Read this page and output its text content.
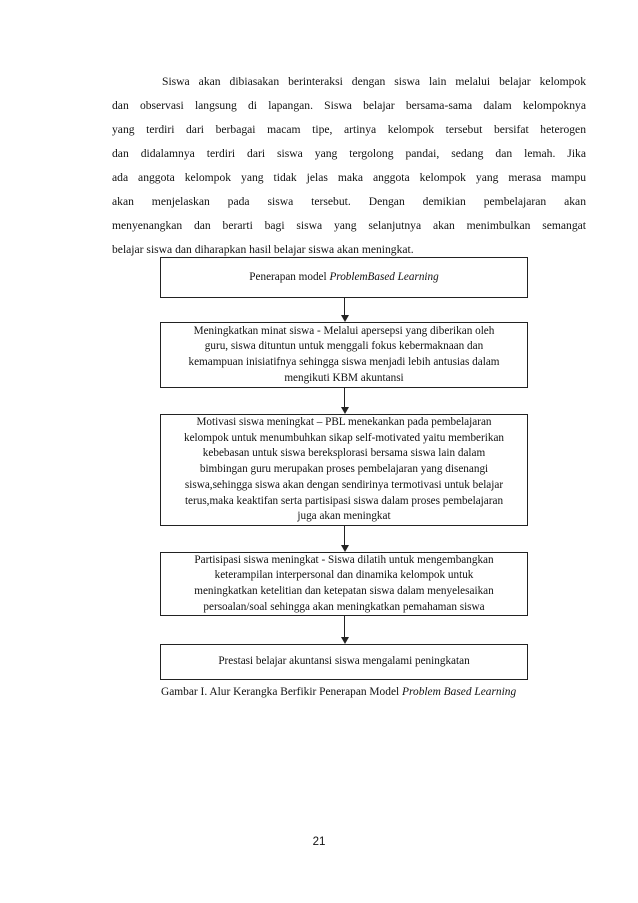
Siswa akan dibiasakan berinteraksi dengan siswa lain melalui belajar kelompok
dan observasi langsung di lapangan. Siswa belajar bersama-sama dalam kelompoknya
yang terdiri dari berbagai macam tipe, artinya kelompok tersebut bersifat heterogen
dan didalamnya terdiri dari siswa yang tergolong pandai, sedang dan lemah. Jika
ada anggota kelompok yang tidak jelas maka anggota kelompok yang merasa mampu
akan menjelaskan pada siswa tersebut. Dengan demikian pembelajaran akan
menyenangkan dan berarti bagi siswa yang selanjutnya akan menimbulkan semangat
belajar siswa dan diharapkan hasil belajar siswa akan meningkat.
Penerapan model ProblemBased Learning
Meningkatkan minat siswa - Melalui apersepsi yang diberikan oleh
guru, siswa dituntun untuk menggali fokus kebermaknaan dan
kemampuan inisiatifnya sehingga siswa menjadi lebih antusias dalam
mengikuti KBM akuntansi
Motivasi siswa meningkat – PBL menekankan pada pembelajaran
kelompok untuk menumbuhkan sikap self-motivated yaitu memberikan
kebebasan untuk siswa bereksplorasi bersama siswa lain dalam
bimbingan guru merupakan proses pembelajaran yang disenangi
siswa,sehingga siswa akan dengan sendirinya termotivasi untuk belajar
terus,maka keaktifan serta partisipasi siswa dalam proses pembelajaran
juga akan meningkat
Partisipasi siswa meningkat - Siswa dilatih untuk mengembangkan
keterampilan interpersonal dan dinamika kelompok untuk
meningkatkan ketelitian dan ketepatan siswa dalam menyelesaikan
persoalan/soal sehingga akan meningkatkan pemahaman siswa
Prestasi belajar akuntansi siswa mengalami peningkatan
Gambar I. Alur Kerangka Berfikir Penerapan Model Problem Based Learning
21
